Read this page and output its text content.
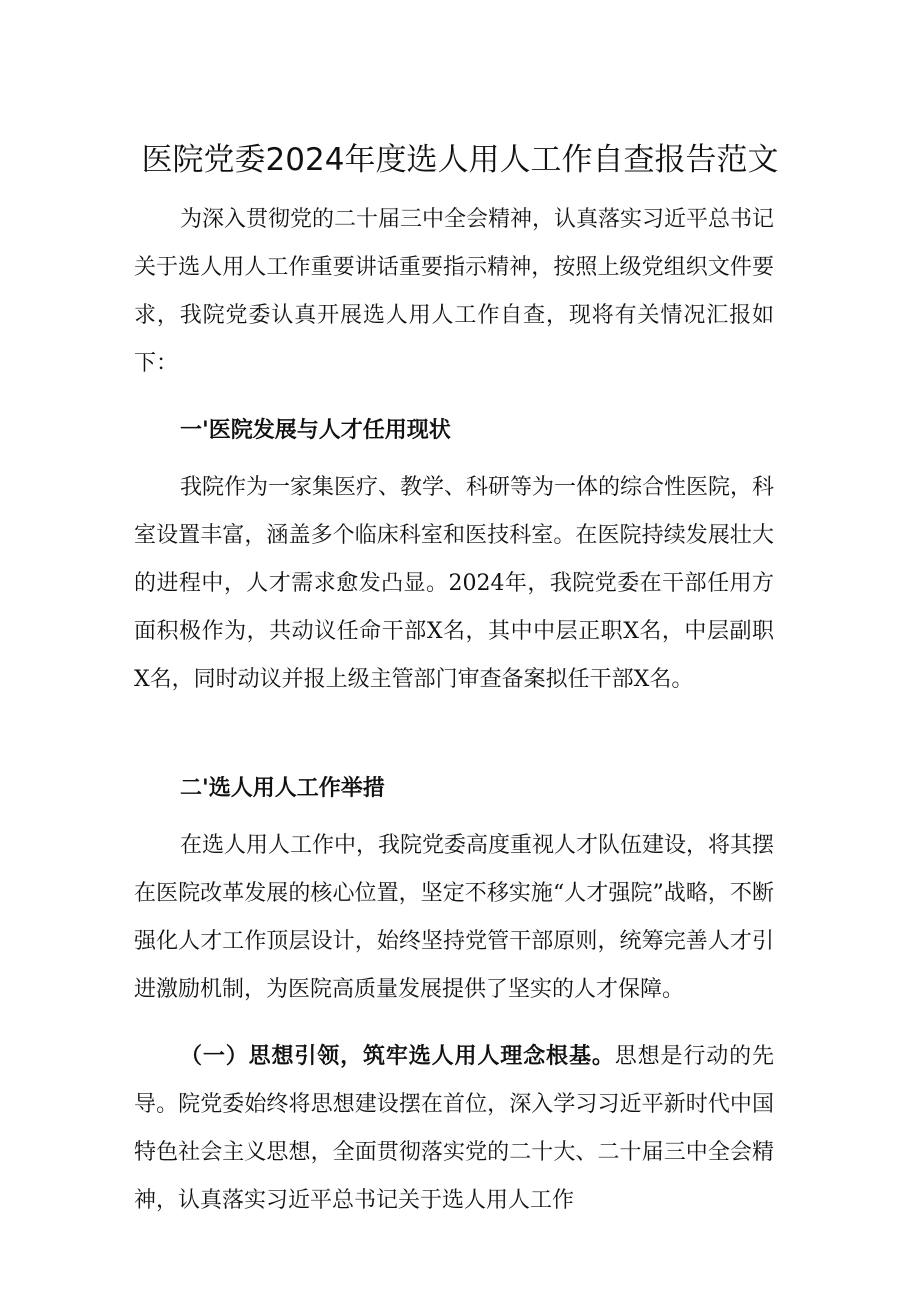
医院党委2024年度选人用人工作自查报告范文

为深入贯彻党的二十届三中全会精神，认真落实习近平总书记关于选人用人工作重要讲话重要指示精神，按照上级党组织文件要求，我院党委认真开展选人用人工作自查，现将有关情况汇报如下：

一'医院发展与人才任用现状

我院作为一家集医疗、教学、科研等为一体的综合性医院，科室设置丰富，涵盖多个临床科室和医技科室。在医院持续发展壮大的进程中，人才需求愈发凸显。2024年，我院党委在干部任用方面积极作为，共动议任命干部X名，其中中层正职X名，中层副职X名，同时动议并报上级主管部门审查备案拟任干部X名。

二'选人用人工作举措

在选人用人工作中，我院党委高度重视人才队伍建设，将其摆在医院改革发展的核心位置，坚定不移实施“人才强院”战略，不断强化人才工作顶层设计，始终坚持党管干部原则，统筹完善人才引进激励机制，为医院高质量发展提供了坚实的人才保障。

（一）思想引领，筑牢选人用人理念根基。思想是行动的先导。院党委始终将思想建设摆在首位，深入学习习近平新时代中国特色社会主义思想，全面贯彻落实党的二十大、二十届三中全会精神，认真落实习近平总书记关于选人用人工作
